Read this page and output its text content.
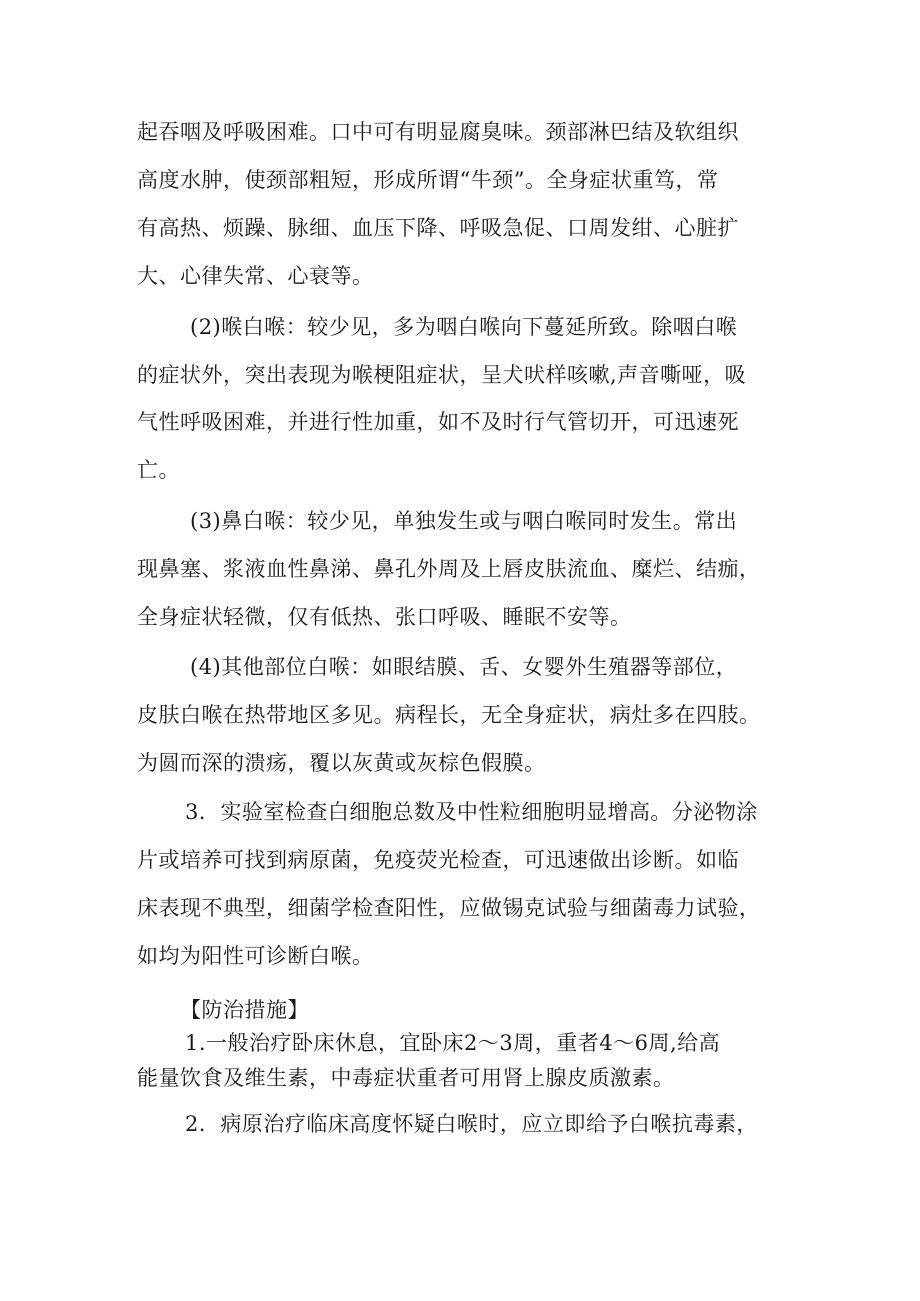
起吞咽及呼吸困难。口中可有明显腐臭味。颈部淋巴结及软组织
高度水肿，使颈部粗短，形成所谓“牛颈”。全身症状重笃，常
有高热、烦躁、脉细、血压下降、呼吸急促、口周发绀、心脏扩
大、心律失常、心衰等。
(2)喉白喉：较少见，多为咽白喉向下蔓延所致。除咽白喉
的症状外，突出表现为喉梗阻症状，呈犬吠样咳嗽,声音嘶哑，吸
气性呼吸困难，并进行性加重，如不及时行气管切开，可迅速死
亡。
(3)鼻白喉：较少见，单独发生或与咽白喉同时发生。常出
现鼻塞、浆液血性鼻涕、鼻孔外周及上唇皮肤流血、糜烂、结痂，
全身症状轻微，仅有低热、张口呼吸、睡眠不安等。
(4)其他部位白喉：如眼结膜、舌、女婴外生殖器等部位，
皮肤白喉在热带地区多见。病程长，无全身症状，病灶多在四肢。
为圆而深的溃疡，覆以灰黄或灰棕色假膜。
3．实验室检查白细胞总数及中性粒细胞明显增高。分泌物涂
片或培养可找到病原菌，免疫荧光检查，可迅速做出诊断。如临
床表现不典型，细菌学检查阳性，应做锡克试验与细菌毒力试验，
如均为阳性可诊断白喉。
【防治措施】
1.一般治疗卧床休息，宜卧床2～3周，重者4～6周,给高
能量饮食及维生素，中毒症状重者可用肾上腺皮质激素。
2．病原治疗临床高度怀疑白喉时，应立即给予白喉抗毒素，
